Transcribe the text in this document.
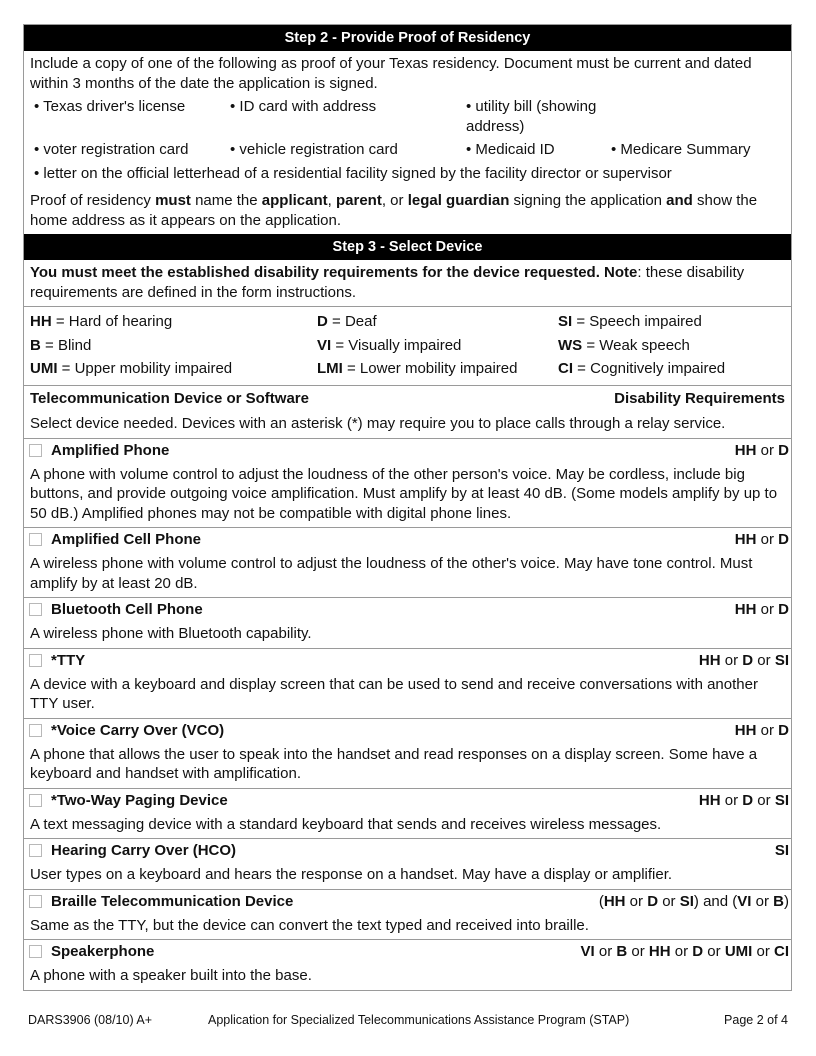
Step 2 - Provide Proof of Residency
Include a copy of one of the following as proof of your Texas residency. Document must be current and dated within 3 months of the date the application is signed.
• Texas driver's license	• ID card with address	• utility bill (showing address)
• voter registration card	• vehicle registration card	• Medicaid ID	• Medicare Summary
• letter on the official letterhead of a residential facility signed by the facility director or supervisor
Proof of residency must name the applicant, parent, or legal guardian signing the application and show the home address as it appears on the application.
Step 3 - Select Device
You must meet the established disability requirements for the device requested. Note: these disability requirements are defined in the form instructions.
HH = Hard of hearing	D = Deaf	SI = Speech impaired
B = Blind	VI = Visually impaired	WS = Weak speech
UMI = Upper mobility impaired	LMI = Lower mobility impaired	CI = Cognitively impaired
Telecommunication Device or Software	Disability Requirements
Select device needed. Devices with an asterisk (*) may require you to place calls through a relay service.
Amplified Phone	HH or D
A phone with volume control to adjust the loudness of the other person's voice. May be cordless, include big buttons, and provide outgoing voice amplification. Must amplify by at least 40 dB. (Some models amplify by up to 50 dB.) Amplified phones may not be compatible with digital phone lines.
Amplified Cell Phone	HH or D
A wireless phone with volume control to adjust the loudness of the other's voice. May have tone control. Must amplify by at least 20 dB.
Bluetooth Cell Phone	HH or D
A wireless phone with Bluetooth capability.
*TTY	HH or D or SI
A device with a keyboard and display screen that can be used to send and receive conversations with another TTY user.
*Voice Carry Over (VCO)	HH or D
A phone that allows the user to speak into the handset and read responses on a display screen. Some have a keyboard and handset with amplification.
*Two-Way Paging Device	HH or D or SI
A text messaging device with a standard keyboard that sends and receives wireless messages.
Hearing Carry Over (HCO)	SI
User types on a keyboard and hears the response on a handset. May have a display or amplifier.
Braille Telecommunication Device	(HH or D or SI) and (VI or B)
Same as the TTY, but the device can convert the text typed and received into braille.
Speakerphone	VI or B or HH or D or UMI or CI
A phone with a speaker built into the base.
DARS3906 (08/10) A+	Application for Specialized Telecommunications Assistance Program (STAP)	Page 2 of 4
